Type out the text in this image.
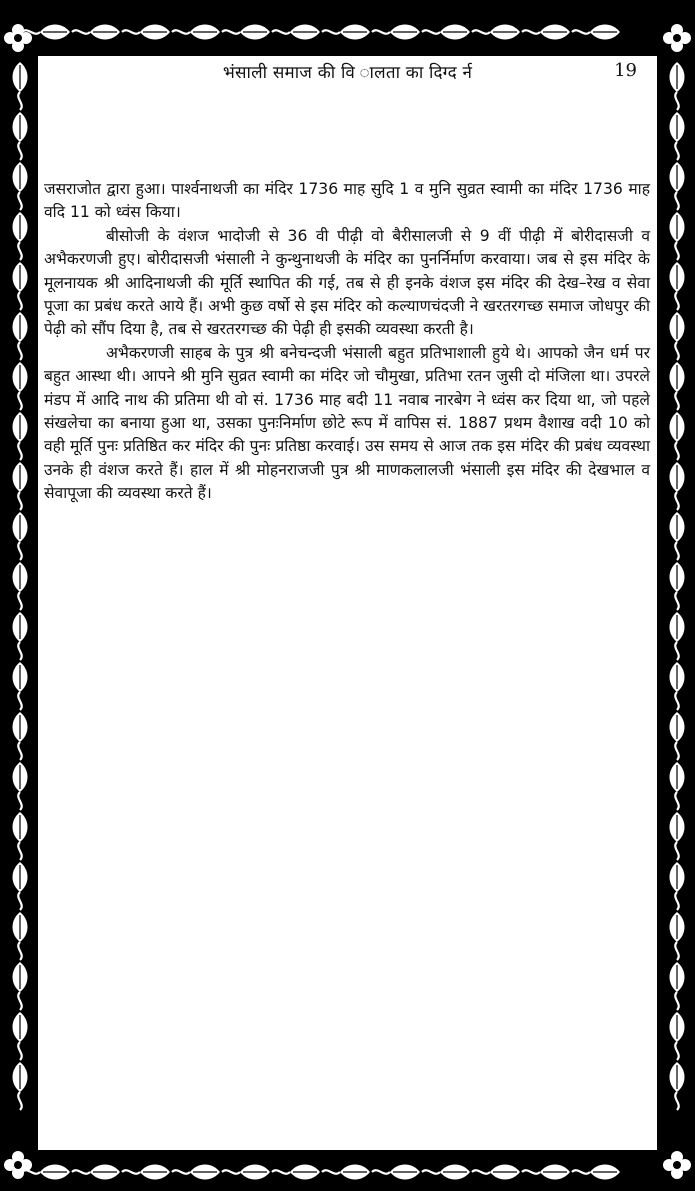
भंसाली समाज की वि ालता का दिग्द र्न	19

जसराजोत द्वारा हुआ। पार्श्वनाथजी का मंदिर 1736 माह सुदि 1 व मुनि सुव्रत स्वामी का मंदिर 1736 माह वदि 11 को ध्वंस किया।

बीसोजी के वंशज भादोजी से 36 वी पीढ़ी वो बैरीसालजी से 9 वीं पीढ़ी में बोरीदासजी व अभैकरणजी हुए। बोरीदासजी भंसाली ने कुन्थुनाथजी के मंदिर का पुनर्निर्माण करवाया। जब से इस मंदिर के मूलनायक श्री आदिनाथजी की मूर्ति स्थापित की गई, तब से ही इनके वंशज इस मंदिर की देख–रेख व सेवा पूजा का प्रबंध करते आये हैं। अभी कुछ वर्षो से इस मंदिर को कल्याणचंदजी ने खरतरगच्छ समाज जोधपुर की पेढ़ी को सौंप दिया है, तब से खरतरगच्छ की पेढ़ी ही इसकी व्यवस्था करती है।

अभैकरणजी साहब के पुत्र श्री बनेचन्दजी भंसाली बहुत प्रतिभाशाली हुये थे। आपको जैन धर्म पर बहुत आस्था थी। आपने श्री मुनि सुव्रत स्वामी का मंदिर जो चौमुखा, प्रतिभा रतन जुसी दो मंजिला था। उपरले मंडप में आदि नाथ की प्रतिमा थी वो सं. 1736 माह बदी 11 नवाब नारबेग ने ध्वंस कर दिया था, जो पहले संखलेचा का बनाया हुआ था, उसका पुनःनिर्माण छोटे रूप में वापिस सं. 1887 प्रथम वैशाख वदी 10 को वही मूर्ति पुनः प्रतिष्ठित कर मंदिर की पुनः प्रतिष्ठा करवाई। उस समय से आज तक इस मंदिर की प्रबंध व्यवस्था उनके ही वंशज करते हैं। हाल में श्री मोहनराजजी पुत्र श्री माणकलालजी भंसाली इस मंदिर की देखभाल व सेवापूजा की व्यवस्था करते हैं।
